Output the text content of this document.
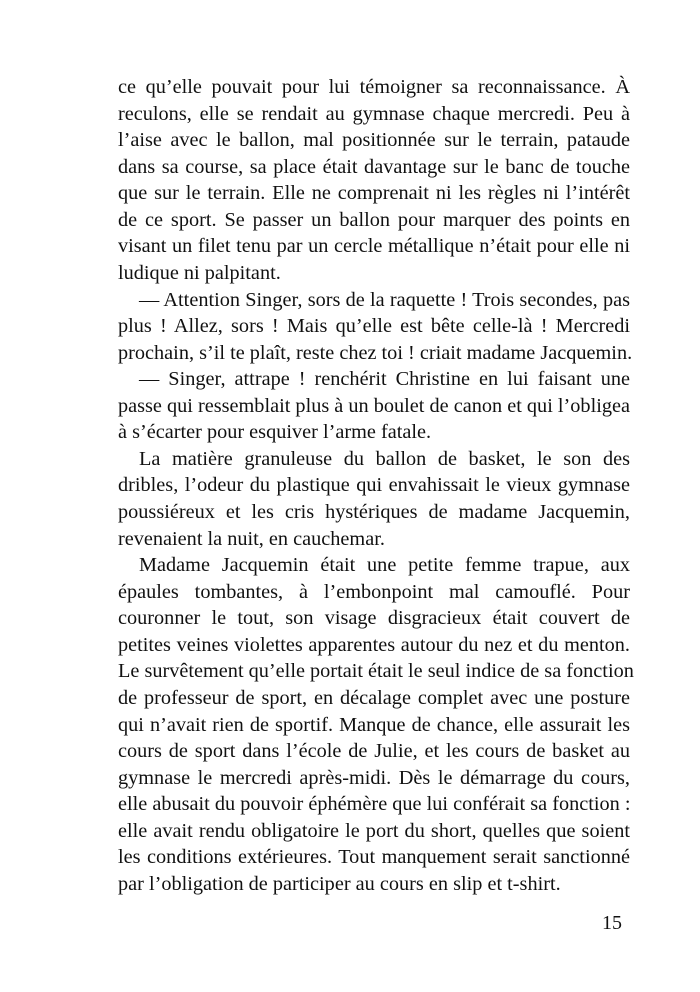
ce qu’elle pouvait pour lui témoigner sa reconnaissance. À
reculons, elle se rendait au gymnase chaque mercredi. Peu à
l’aise avec le ballon, mal positionnée sur le terrain, pataude
dans sa course, sa place était davantage sur le banc de touche
que sur le terrain. Elle ne comprenait ni les règles ni l’intérêt
de ce sport. Se passer un ballon pour marquer des points en
visant un filet tenu par un cercle métallique n’était pour elle ni
ludique ni palpitant.
— Attention Singer, sors de la raquette ! Trois secondes, pas
plus ! Allez, sors ! Mais qu’elle est bête celle-là ! Mercredi
prochain, s’il te plaît, reste chez toi ! criait madame Jacquemin.
— Singer, attrape ! renchérit Christine en lui faisant une
passe qui ressemblait plus à un boulet de canon et qui l’obligea
à s’écarter pour esquiver l’arme fatale.
La matière granuleuse du ballon de basket, le son des
dribles, l’odeur du plastique qui envahissait le vieux gymnase
poussiéreux et les cris hystériques de madame Jacquemin,
revenaient la nuit, en cauchemar.
Madame Jacquemin était une petite femme trapue, aux
épaules tombantes, à l’embonpoint mal camouflé. Pour
couronner le tout, son visage disgracieux était couvert de
petites veines violettes apparentes autour du nez et du menton.
Le survêtement qu’elle portait était le seul indice de sa fonction
de professeur de sport, en décalage complet avec une posture
qui n’avait rien de sportif. Manque de chance, elle assurait les
cours de sport dans l’école de Julie, et les cours de basket au
gymnase le mercredi après-midi. Dès le démarrage du cours,
elle abusait du pouvoir éphémère que lui conférait sa fonction :
elle avait rendu obligatoire le port du short, quelles que soient
les conditions extérieures. Tout manquement serait sanctionné
par l’obligation de participer au cours en slip et t-shirt.
15
